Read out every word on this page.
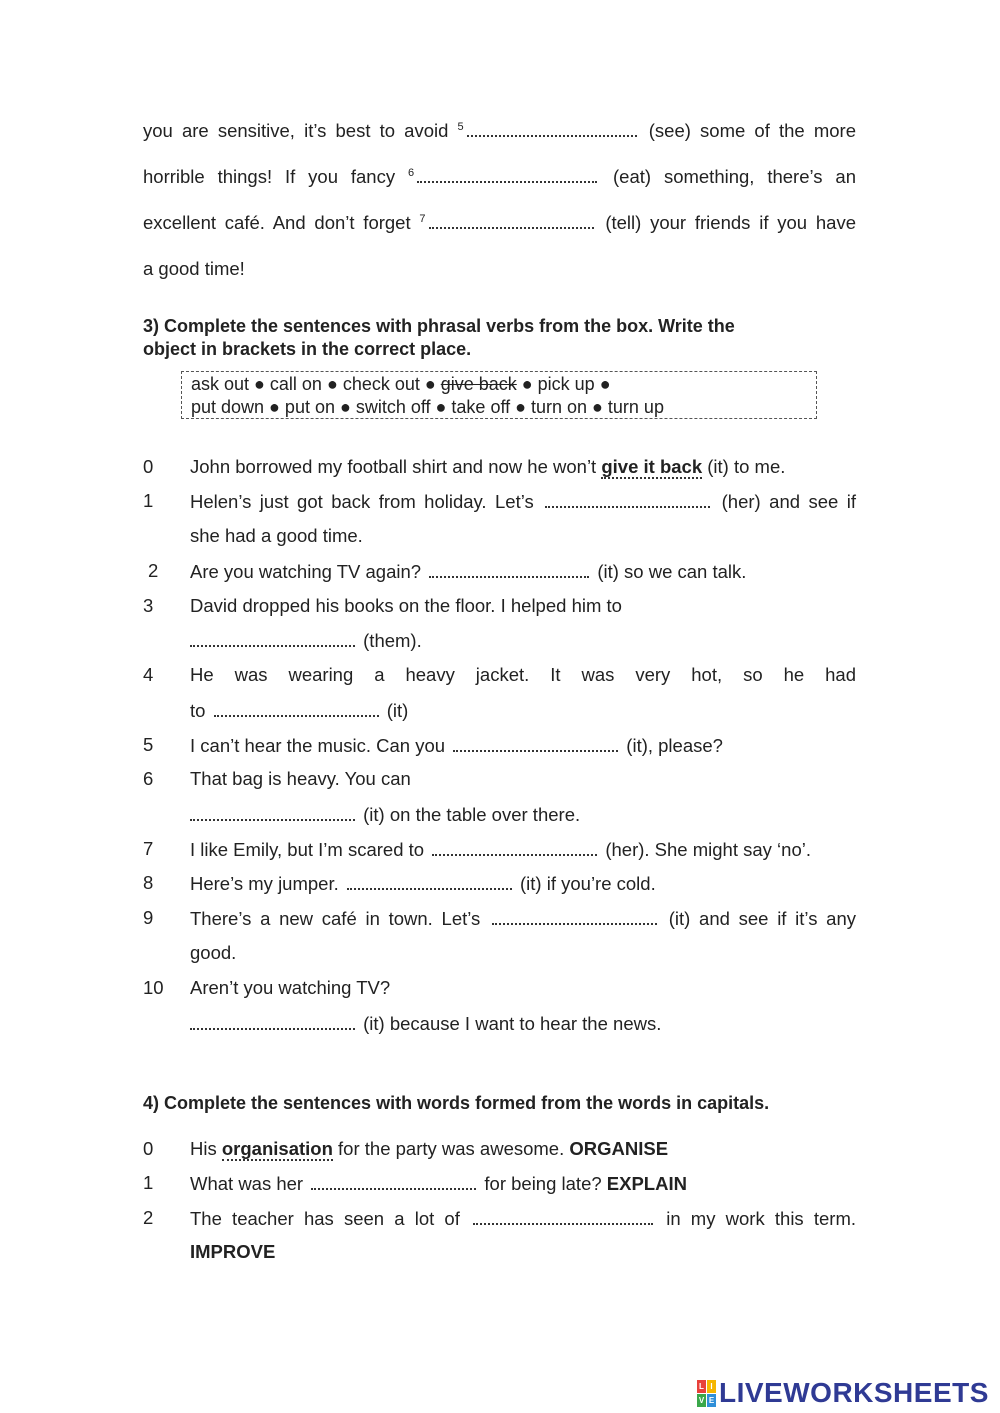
you are sensitive, it’s best to avoid $^5$	(see) some of the more
horrible things! If you fancy $^6$	(eat) something, there’s an
excellent café. And don’t forget $^7$	(tell) your friends if you have
a good time!
3) Complete the sentences with phrasal verbs from the box. Write the
object in brackets in the correct place.
ask out ● call on ● check out ● give back ● pick up ●
put down ● put on ● switch off ● take off ● turn on ● turn up
0 John borrowed my football shirt and now he won’t give it back (it) to me.
1 Helen’s just got back from holiday. Let’s	(her) and see if
she had a good time.
2 Are you watching TV again?	(it) so we can talk.
3 David dropped his books on the floor. I helped him to
(them).
4 He was wearing a heavy jacket. It was very hot, so he had
to	(it)
5 I can’t hear the music. Can you	(it), please?
6 That bag is heavy. You can
(it) on the table over there.
7 I like Emily, but I’m scared to	(her). She might say ‘no’.
8 Here’s my jumper.	(it) if you’re cold.
9 There’s a new café in town. Let’s	(it) and see if it’s any
good.
10 Aren’t you watching TV?
(it) because I want to hear the news.
4) Complete the sentences with words formed from the words in capitals.
0 His organisation for the party was awesome. ORGANISE
1 What was her	for being late? EXPLAIN
2 The teacher has seen a lot of	in my work this term.
IMPROVE
L I
V E LIVEWORKSHEETS
